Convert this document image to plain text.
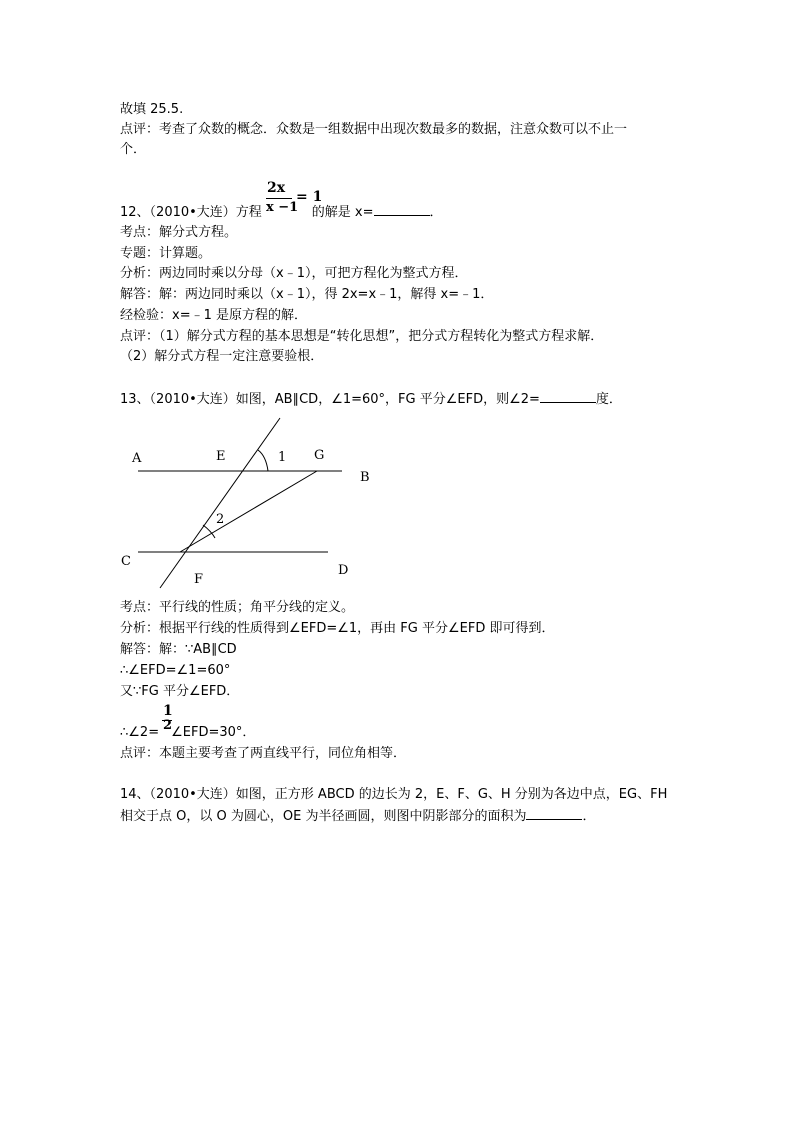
故填 25.5.
点评：考查了众数的概念．众数是一组数据中出现次数最多的数据，注意众数可以不止一
个．
2x
x −1
= 1
12、（2010•大连）方程	的解是 x=	．
考点：解分式方程。
专题：计算题。
分析：两边同时乘以分母（x﹣1），可把方程化为整式方程．
解答：解：两边同时乘以（x﹣1），得 2x=x﹣1，解得 x=﹣1．
经检验：x=﹣1 是原方程的解．
点评：（1）解分式方程的基本思想是“转化思想”，把分式方程转化为整式方程求解．
（2）解分式方程一定注意要验根．
13、（2010•大连）如图，AB∥CD，∠1=60°，FG 平分∠EFD，则∠2=	度．
A	E	1 G
B
2
C
F
D
考点：平行线的性质；角平分线的定义。
分析：根据平行线的性质得到∠EFD=∠1，再由 FG 平分∠EFD 即可得到．
解答：解：∵AB∥CD
∴∠EFD=∠1=60°
又∵FG 平分∠EFD．
1
2
∴∠2= ∠EFD=30°．
点评：本题主要考查了两直线平行，同位角相等．
14、（2010•大连）如图，正方形 ABCD 的边长为 2，E、F、G、H 分别为各边中点，EG、FH
相交于点 O，以 O 为圆心，OE 为半径画圆，则图中阴影部分的面积为	．
